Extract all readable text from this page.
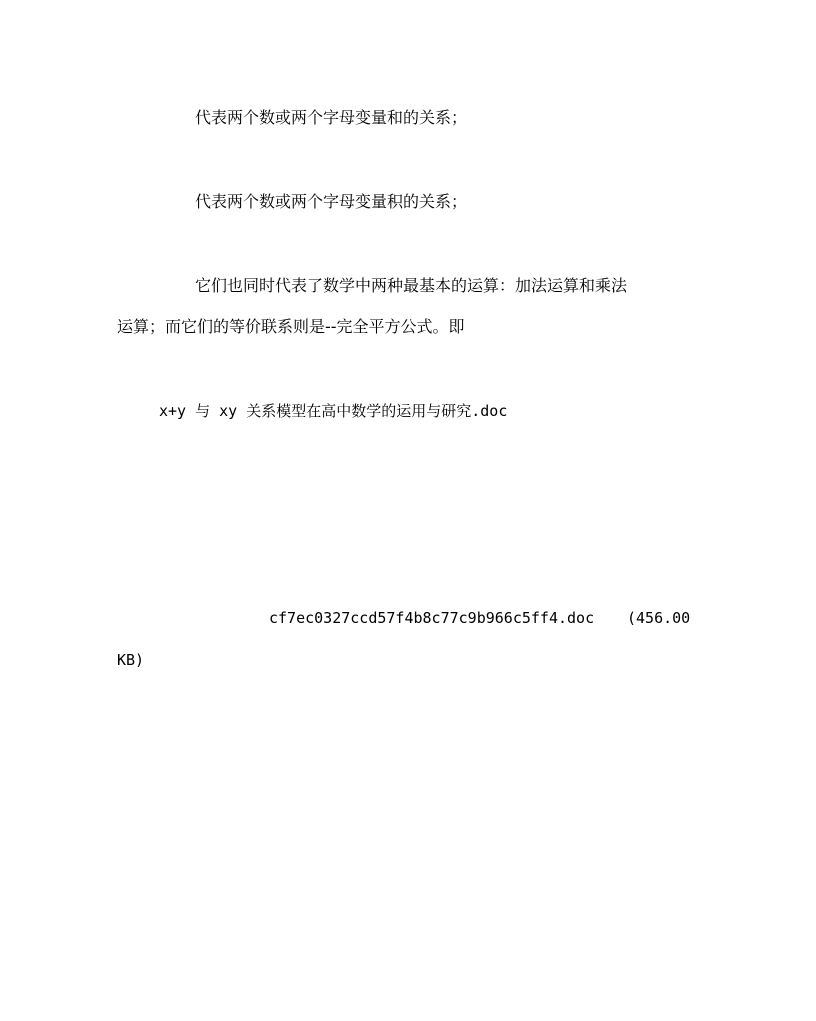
代表两个数或两个字母变量和的关系；
代表两个数或两个字母变量积的关系；
它们也同时代表了数学中两种最基本的运算：加法运算和乘法
运算；而它们的等价联系则是--完全平方公式。即
x+y 与 xy 关系模型在高中数学的运用与研究.doc
cf7ec0327ccd57f4b8c77c9b966c5ff4.doc (456.00
KB)
